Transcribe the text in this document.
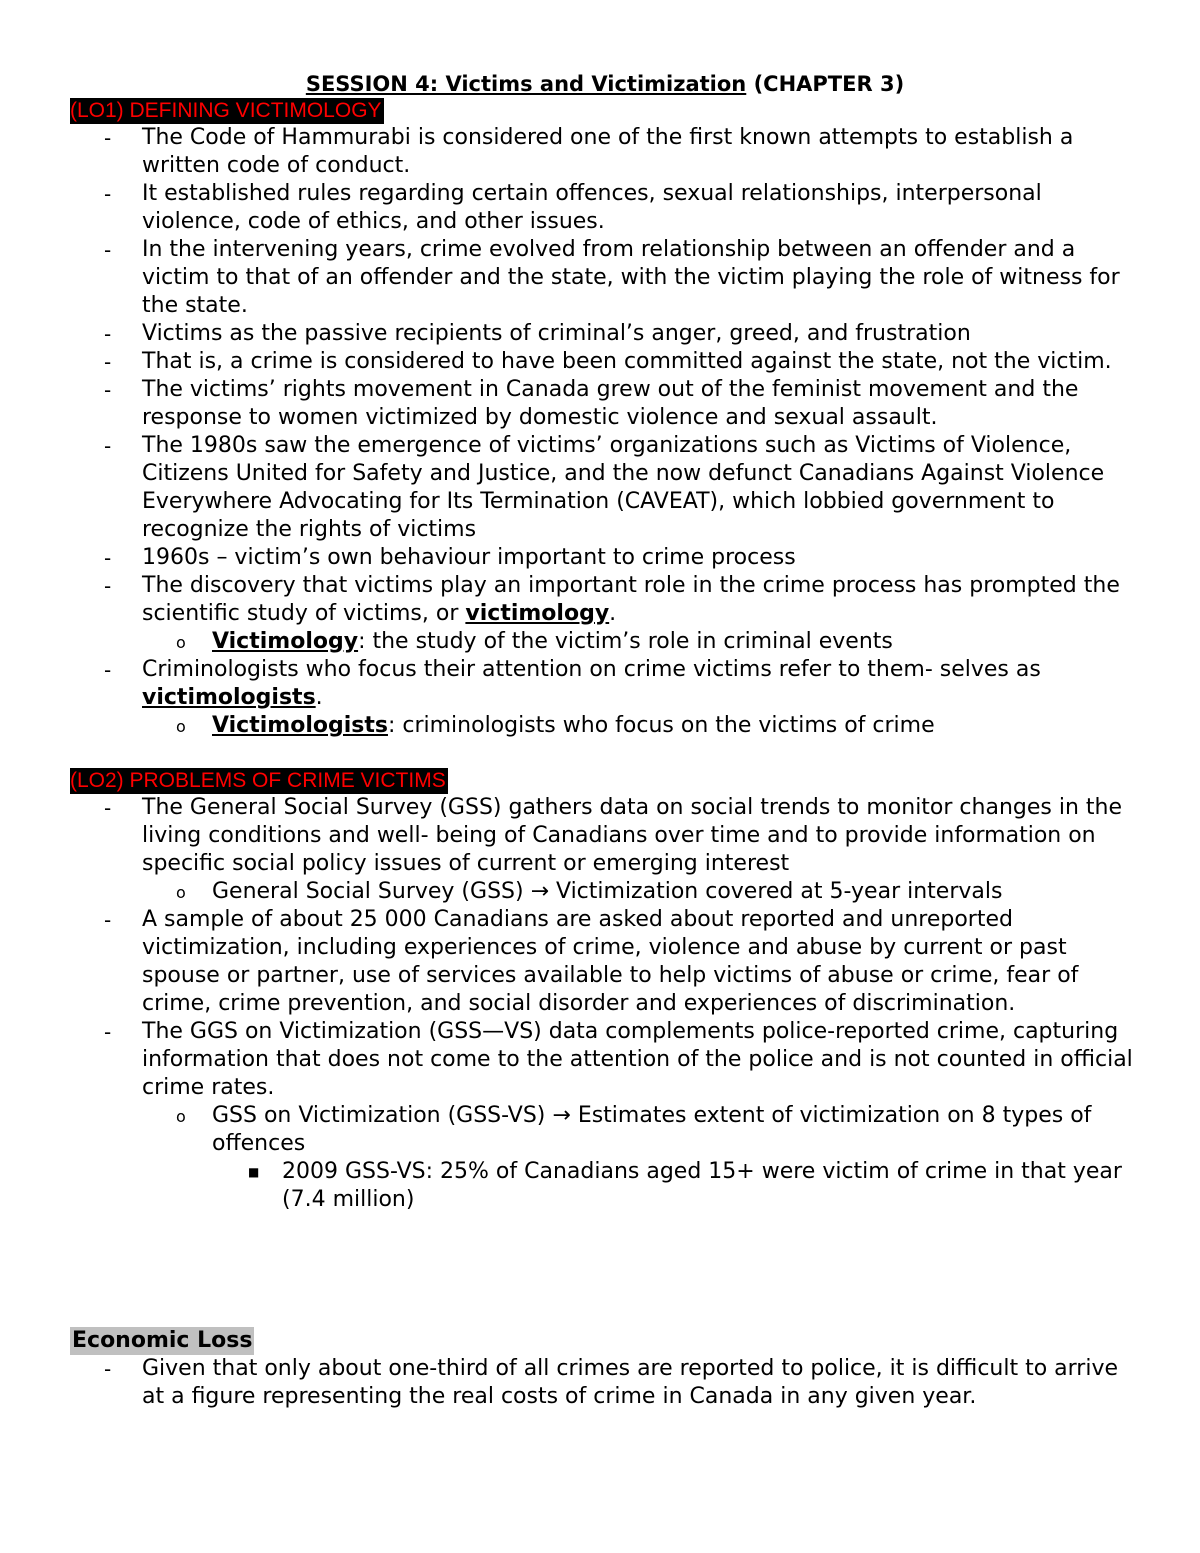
SESSION 4: Victims and Victimization (CHAPTER 3)
(LO1) DEFINING VICTIMOLOGY
- The Code of Hammurabi is considered one of the first known attempts to establish a written code of conduct.
- It established rules regarding certain offences, sexual relationships, interpersonal violence, code of ethics, and other issues.
- In the intervening years, crime evolved from relationship between an offender and a victim to that of an offender and the state, with the victim playing the role of witness for the state.
- Victims as the passive recipients of criminal’s anger, greed, and frustration
- That is, a crime is considered to have been committed against the state, not the victim.
- The victims’ rights movement in Canada grew out of the feminist movement and the response to women victimized by domestic violence and sexual assault.
- The 1980s saw the emergence of victims’ organizations such as Victims of Violence, Citizens United for Safety and Justice, and the now defunct Canadians Against Violence Everywhere Advocating for Its Termination (CAVEAT), which lobbied government to recognize the rights of victims
- 1960s – victim’s own behaviour important to crime process
- The discovery that victims play an important role in the crime process has prompted the scientific study of victims, or victimology.
o Victimology: the study of the victim’s role in criminal events
- Criminologists who focus their attention on crime victims refer to them- selves as victimologists.
o Victimologists: criminologists who focus on the victims of crime
(LO2) PROBLEMS OF CRIME VICTIMS
- The General Social Survey (GSS) gathers data on social trends to monitor changes in the living conditions and well- being of Canadians over time and to provide information on specific social policy issues of current or emerging interest
o General Social Survey (GSS) → Victimization covered at 5-year intervals
- A sample of about 25 000 Canadians are asked about reported and unreported victimization, including experiences of crime, violence and abuse by current or past spouse or partner, use of services available to help victims of abuse or crime, fear of crime, crime prevention, and social disorder and experiences of discrimination.
- The GGS on Victimization (GSS—VS) data complements police-reported crime, capturing information that does not come to the attention of the police and is not counted in official crime rates.
o GSS on Victimization (GSS-VS) → Estimates extent of victimization on 8 types of offences
■ 2009 GSS-VS: 25% of Canadians aged 15+ were victim of crime in that year (7.4 million)
Economic Loss
- Given that only about one-third of all crimes are reported to police, it is difficult to arrive at a figure representing the real costs of crime in Canada in any given year.
